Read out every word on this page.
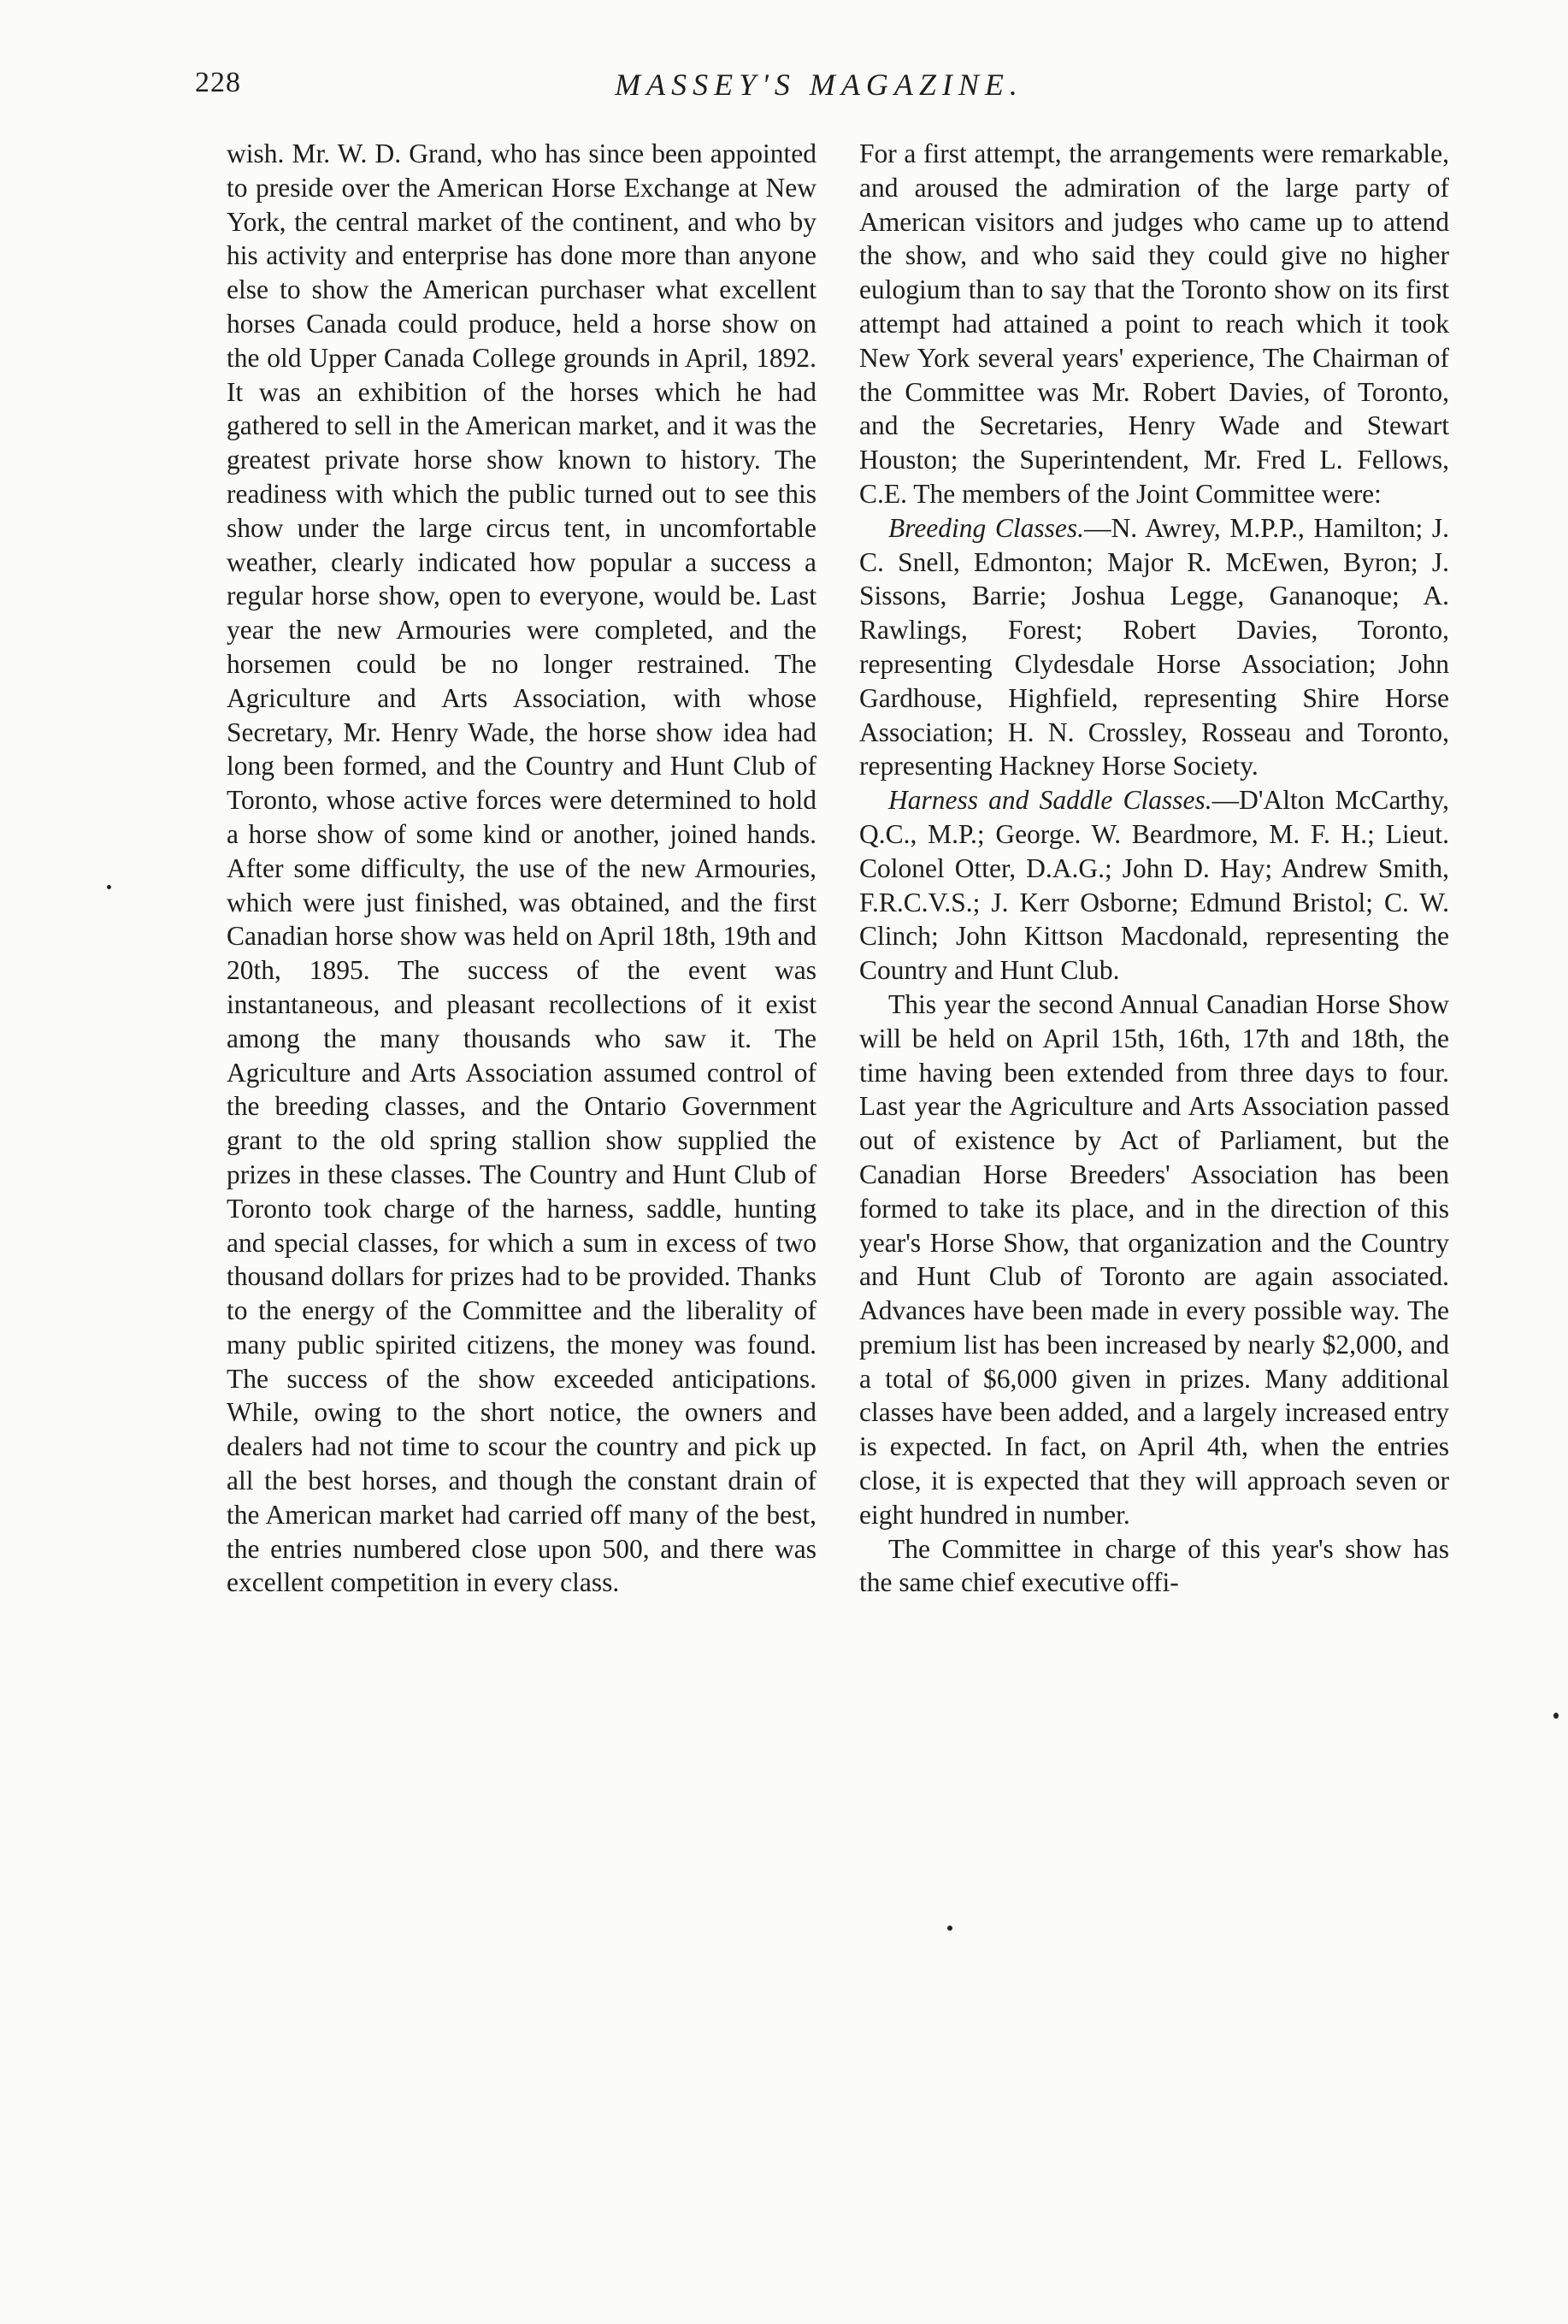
228	MASSEY'S MAGAZINE.

wish. Mr. W. D. Grand, who has since been appointed to preside over the American Horse Exchange at New York, the central market of the continent, and who by his activity and enterprise has done more than anyone else to show the American purchaser what excellent horses Canada could produce, held a horse show on the old Upper Canada College grounds in April, 1892. It was an exhibition of the horses which he had gathered to sell in the American market, and it was the greatest private horse show known to history. The readiness with which the public turned out to see this show under the large circus tent, in uncomfortable weather, clearly indicated how popular a success a regular horse show, open to everyone, would be. Last year the new Armouries were completed, and the horsemen could be no longer restrained. The Agriculture and Arts Association, with whose Secretary, Mr. Henry Wade, the horse show idea had long been formed, and the Country and Hunt Club of Toronto, whose active forces were determined to hold a horse show of some kind or another, joined hands. After some difficulty, the use of the new Armouries, which were just finished, was obtained, and the first Canadian horse show was held on April 18th, 19th and 20th, 1895. The success of the event was instantaneous, and pleasant recollections of it exist among the many thousands who saw it. The Agriculture and Arts Association assumed control of the breeding classes, and the Ontario Government grant to the old spring stallion show supplied the prizes in these classes. The Country and Hunt Club of Toronto took charge of the harness, saddle, hunting and special classes, for which a sum in excess of two thousand dollars for prizes had to be provided. Thanks to the energy of the Committee and the liberality of many public spirited citizens, the money was found. The success of the show exceeded anticipations. While, owing to the short notice, the owners and dealers had not time to scour the country and pick up all the best horses, and though the constant drain of the American market had carried off many of the best, the entries numbered close upon 500, and there was excellent competition in every class.

For a first attempt, the arrangements were remarkable, and aroused the admiration of the large party of American visitors and judges who came up to attend the show, and who said they could give no higher eulogium than to say that the Toronto show on its first attempt had attained a point to reach which it took New York several years' experience, The Chairman of the Committee was Mr. Robert Davies, of Toronto, and the Secretaries, Henry Wade and Stewart Houston; the Superintendent, Mr. Fred L. Fellows, C.E. The members of the Joint Committee were:

Breeding Classes.—N. Awrey, M.P.P., Hamilton; J. C. Snell, Edmonton; Major R. McEwen, Byron; J. Sissons, Barrie; Joshua Legge, Gananoque; A. Rawlings, Forest; Robert Davies, Toronto, representing Clydesdale Horse Association; John Gardhouse, Highfield, representing Shire Horse Association; H. N. Crossley, Rosseau and Toronto, representing Hackney Horse Society.

Harness and Saddle Classes.—D'Alton McCarthy, Q.C., M.P.; George. W. Beardmore, M. F. H.; Lieut. Colonel Otter, D.A.G.; John D. Hay; Andrew Smith, F.R.C.V.S.; J. Kerr Osborne; Edmund Bristol; C. W. Clinch; John Kittson Macdonald, representing the Country and Hunt Club.

This year the second Annual Canadian Horse Show will be held on April 15th, 16th, 17th and 18th, the time having been extended from three days to four. Last year the Agriculture and Arts Association passed out of existence by Act of Parliament, but the Canadian Horse Breeders' Association has been formed to take its place, and in the direction of this year's Horse Show, that organization and the Country and Hunt Club of Toronto are again associated. Advances have been made in every possible way. The premium list has been increased by nearly $2,000, and a total of $6,000 given in prizes. Many additional classes have been added, and a largely increased entry is expected. In fact, on April 4th, when the entries close, it is expected that they will approach seven or eight hundred in number.

The Committee in charge of this year's show has the same chief executive offi-
